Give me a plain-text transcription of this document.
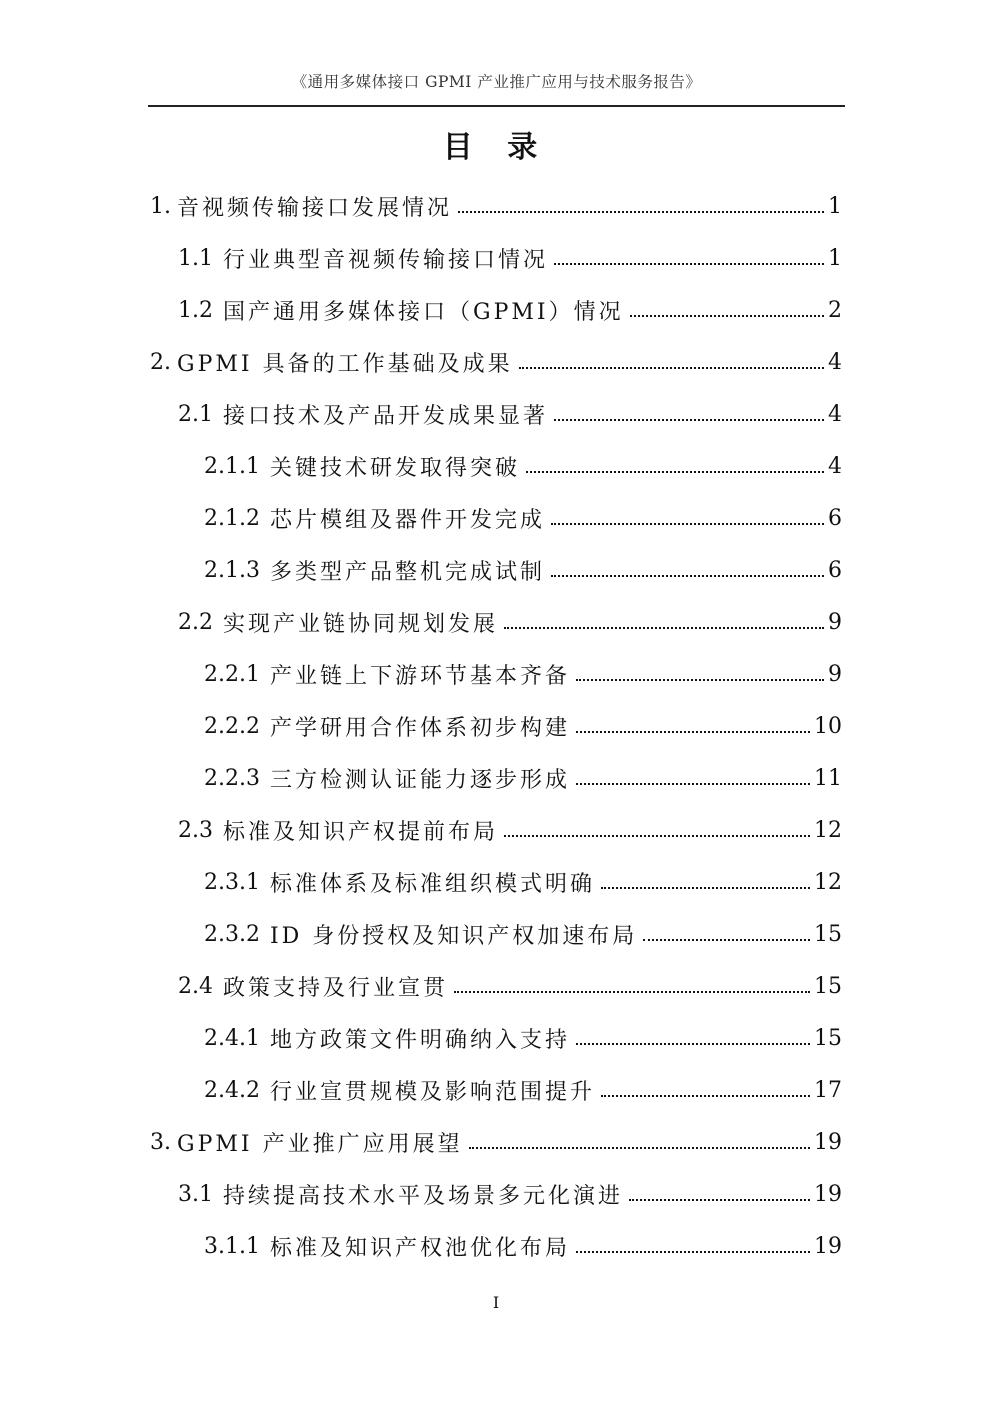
《通用多媒体接口 GPMI 产业推广应用与技术服务报告》
目 录
1. 音视频传输接口发展情况	1
1.1 行业典型音视频传输接口情况	1
1.2 国产通用多媒体接口（GPMI）情况	2
2. GPMI 具备的工作基础及成果	4
2.1 接口技术及产品开发成果显著	4
2.1.1 关键技术研发取得突破	4
2.1.2 芯片模组及器件开发完成	6
2.1.3 多类型产品整机完成试制	6
2.2 实现产业链协同规划发展	9
2.2.1 产业链上下游环节基本齐备	9
2.2.2 产学研用合作体系初步构建	10
2.2.3 三方检测认证能力逐步形成	11
2.3 标准及知识产权提前布局	12
2.3.1 标准体系及标准组织模式明确	12
2.3.2 ID 身份授权及知识产权加速布局	15
2.4 政策支持及行业宣贯	15
2.4.1 地方政策文件明确纳入支持	15
2.4.2 行业宣贯规模及影响范围提升	17
3. GPMI 产业推广应用展望	19
3.1 持续提高技术水平及场景多元化演进	19
3.1.1 标准及知识产权池优化布局	19
I
